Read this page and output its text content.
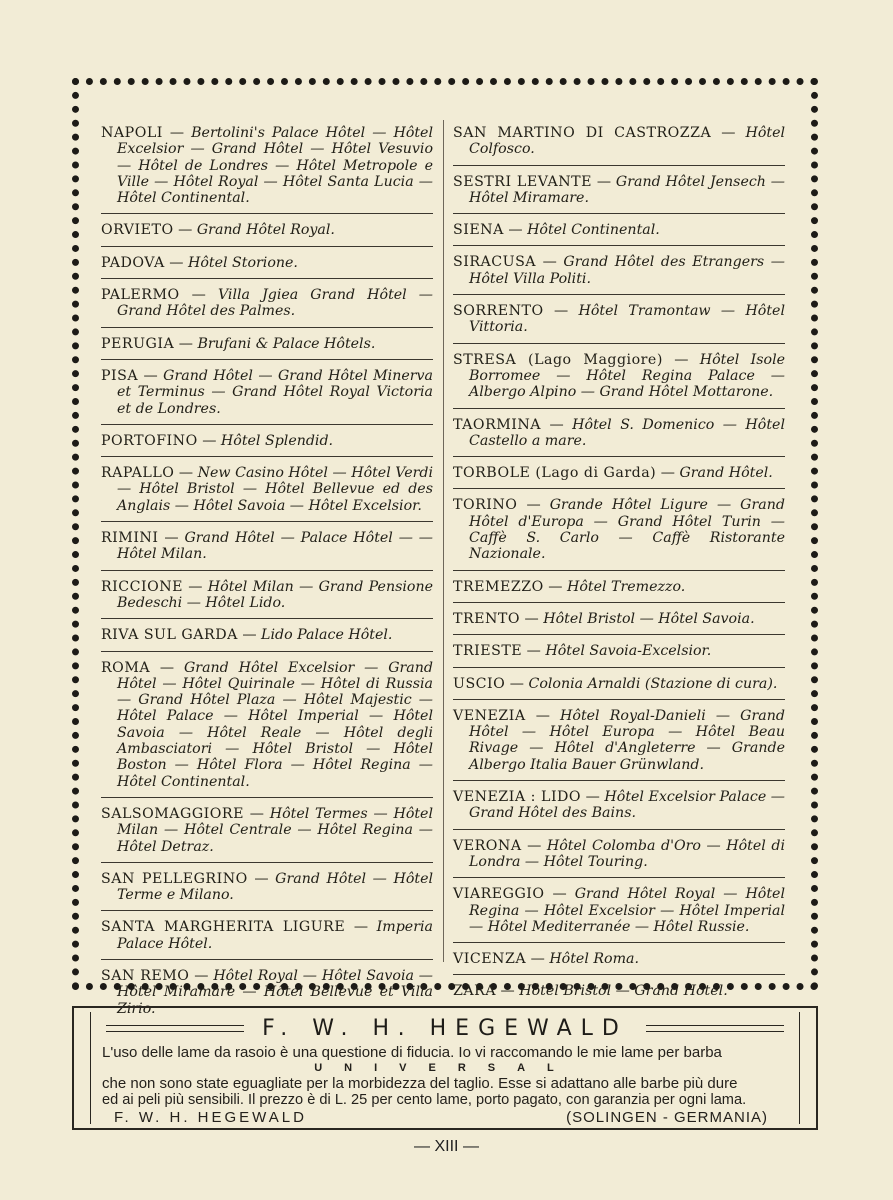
NAPOLI — Bertolini's Palace Hôtel — Hôtel Excelsior — Grand Hôtel — Hôtel Vesuvio — Hôtel de Londres — Hôtel Metropole e Ville — Hôtel Royal — Hôtel Santa Lucia — Hôtel Continental.
ORVIETO — Grand Hôtel Royal.
PADOVA — Hôtel Storione.
PALERMO — Villa Jgiea Grand Hôtel — Grand Hôtel des Palmes.
PERUGIA — Brufani & Palace Hôtels.
PISA — Grand Hôtel — Grand Hôtel Minerva et Terminus — Grand Hôtel Royal Victoria et de Londres.
PORTOFINO — Hôtel Splendid.
RAPALLO — New Casino Hôtel — Hôtel Verdi — Hôtel Bristol — Hôtel Bellevue ed des Anglais — Hôtel Savoia — Hôtel Excelsior.
RIMINI — Grand Hôtel — Palace Hôtel — — Hôtel Milan.
RICCIONE — Hôtel Milan — Grand Pensione Bedeschi — Hôtel Lido.
RIVA SUL GARDA — Lido Palace Hôtel.
ROMA — Grand Hôtel Excelsior — Grand Hôtel — Hôtel Quirinale — Hôtel di Russia — Grand Hôtel Plaza — Hôtel Majestic — Hôtel Palace — Hôtel Imperial — Hôtel Savoia — Hôtel Reale — Hôtel degli Ambasciatori — Hôtel Bristol — Hôtel Boston — Hôtel Flora — Hôtel Regina — Hôtel Continental.
SALSOMAGGIORE — Hôtel Termes — Hôtel Milan — Hôtel Centrale — Hôtel Regina — Hôtel Detraz.
SAN PELLEGRINO — Grand Hôtel — Hôtel Terme e Milano.
SANTA MARGHERITA LIGURE — Imperia Palace Hôtel.
SAN REMO — Hôtel Royal — Hôtel Savoia — Hôtel Miramare — Hôtel Bellevue et Villa Zirio.
SAN MARTINO DI CASTROZZA — Hôtel Colfosco.
SESTRI LEVANTE — Grand Hôtel Jensech — Hôtel Miramare.
SIENA — Hôtel Continental.
SIRACUSA — Grand Hôtel des Etrangers — Hôtel Villa Politi.
SORRENTO — Hôtel Tramontaw — Hôtel Vittoria.
STRESA (Lago Maggiore) — Hôtel Isole Borromee — Hôtel Regina Palace — Albergo Alpino — Grand Hôtel Mottarone.
TAORMINA — Hôtel S. Domenico — Hôtel Castello a mare.
TORBOLE (Lago di Garda) — Grand Hôtel.
TORINO — Grande Hôtel Ligure — Grand Hôtel d'Europa — Grand Hôtel Turin — Caffè S. Carlo — Caffè Ristorante Nazionale.
TREMEZZO — Hôtel Tremezzo.
TRENTO — Hôtel Bristol — Hôtel Savoia.
TRIESTE — Hôtel Savoia-Excelsior.
USCIO — Colonia Arnaldi (Stazione di cura).
VENEZIA — Hôtel Royal-Danieli — Grand Hôtel — Hôtel Europa — Hôtel Beau Rivage — Hôtel d'Angleterre — Grande Albergo Italia Bauer Grünwland.
VENEZIA : LIDO — Hôtel Excelsior Palace — Grand Hôtel des Bains.
VERONA — Hôtel Colomba d'Oro — Hôtel di Londra — Hôtel Touring.
VIAREGGIO — Grand Hôtel Royal — Hôtel Regina — Hôtel Excelsior — Hôtel Imperial — Hôtel Mediterranée — Hôtel Russie.
VICENZA — Hôtel Roma.
ZARA — Hôtel Bristol — Grand Hôtel.
F. W. H. HEGEWALD
L'uso delle lame da rasoio è una questione di fiducia. Io vi raccomando le mie lame per barba
UNIVERSAL
che non sono state eguagliate per la morbidezza del taglio. Esse si adattano alle barbe più dure
ed ai peli più sensibili. Il prezzo è di L. 25 per cento lame, porto pagato, con garanzia per ogni lama.
F. W. H. HEGEWALD	(SOLINGEN - GERMANIA)
— XIII —
